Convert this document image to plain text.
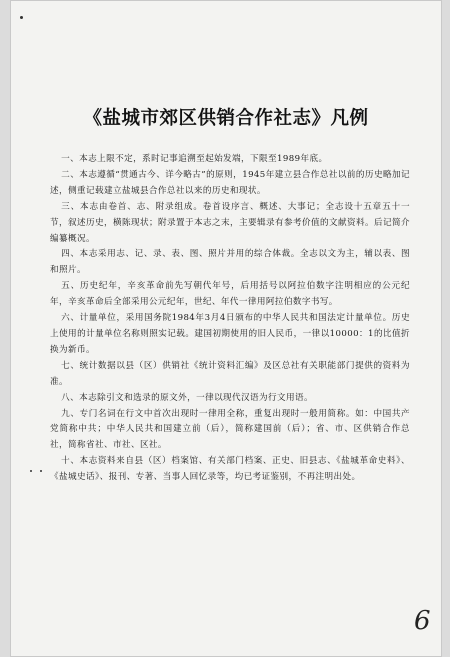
《盐城市郊区供销合作社志》凡例

一、本志上限不定，系时记事追溯至起始发端，下限至1989年底。

二、本志遵循“贯通古今、详今略古”的原则，1945年建立县合作总社以前的历史略加记述，侧重记载建立盐城县合作总社以来的历史和现状。

三、本志由卷首、志、附录组成。卷首设序言、概述、大事记；全志设十五章五十一节，叙述历史，横陈现状；附录置于本志之末，主要辑录有参考价值的文献资料。后记简介编纂概况。

四、本志采用志、记、录、表、图、照片并用的综合体裁。全志以文为主，辅以表、图和照片。

五、历史纪年，辛亥革命前先写朝代年号，后用括号以阿拉伯数字注明相应的公元纪年，辛亥革命后全部采用公元纪年，世纪、年代一律用阿拉伯数字书写。

六、计量单位，采用国务院1984年3月4日颁布的中华人民共和国法定计量单位。历史上使用的计量单位名称则照实记载。建国初期使用的旧人民币，一律以10000：1的比值折换为新币。

七、统计数据以县（区）供销社《统计资料汇编》及区总社有关职能部门提供的资料为准。

八、本志除引文和选录的原文外，一律以现代汉语为行文用语。

九、专门名词在行文中首次出现时一律用全称，重复出现时一般用简称。如：中国共产党简称中共；中华人民共和国建立前（后），简称建国前（后）；省、市、区供销合作总社，简称省社、市社、区社。

十、本志资料来自县（区）档案馆、有关部门档案、正史、旧县志、《盐城革命史料》、《盐城史话》、报刊、专著、当事人回忆录等，均已考证鉴别，不再注明出处。

6
